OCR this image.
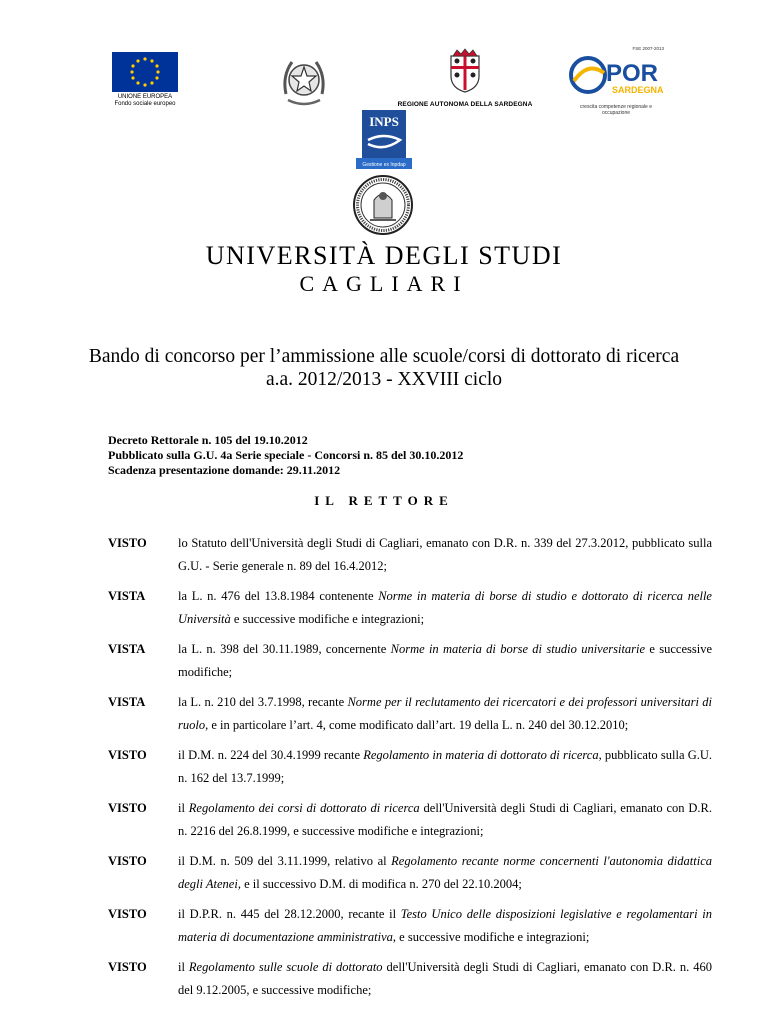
UNIONE EUROPEA
Fondo sociale europeo	REGIONE AUTONOMA DELLA SARDEGNA
FSE 2007-2013
POR
SARDEGNA
crescita competenze regionale e occupazione
INPS
Gestione ex Inpdap
UNIVERSITÀ DEGLI STUDI
CAGLIARI
Bando di concorso per l’ammissione alle scuole/corsi di dottorato di ricerca
a.a. 2012/2013 - XXVIII ciclo
Decreto Rettorale n. 105 del 19.10.2012
Pubblicato sulla G.U. 4a Serie speciale - Concorsi n. 85 del 30.10.2012
Scadenza presentazione domande: 29.11.2012
IL RETTORE
VISTO	lo Statuto dell'Università degli Studi di Cagliari, emanato con D.R. n. 339 del 27.3.2012, pubblicato sulla G.U. - Serie generale n. 89 del 16.4.2012;
VISTA	la L. n. 476 del 13.8.1984 contenente Norme in materia di borse di studio e dottorato di ricerca nelle Università e successive modifiche e integrazioni;
VISTA	la L. n. 398 del 30.11.1989, concernente Norme in materia di borse di studio universitarie e successive modifiche;
VISTA	la L. n. 210 del 3.7.1998, recante Norme per il reclutamento dei ricercatori e dei professori universitari di ruolo, e in particolare l’art. 4, come modificato dall’art. 19 della L. n. 240 del 30.12.2010;
VISTO	il D.M. n. 224 del 30.4.1999 recante Regolamento in materia di dottorato di ricerca, pubblicato sulla G.U. n. 162 del 13.7.1999;
VISTO	il Regolamento dei corsi di dottorato di ricerca dell'Università degli Studi di Cagliari, emanato con D.R. n. 2216 del 26.8.1999, e successive modifiche e integrazioni;
VISTO	il D.M. n. 509 del 3.11.1999, relativo al Regolamento recante norme concernenti l'autonomia didattica degli Atenei, e il successivo D.M. di modifica n. 270 del 22.10.2004;
VISTO	il D.P.R. n. 445 del 28.12.2000, recante il Testo Unico delle disposizioni legislative e regolamentari in materia di documentazione amministrativa, e successive modifiche e integrazioni;
VISTO	il Regolamento sulle scuole di dottorato dell'Università degli Studi di Cagliari, emanato con D.R. n. 460 del 9.12.2005, e successive modifiche;
